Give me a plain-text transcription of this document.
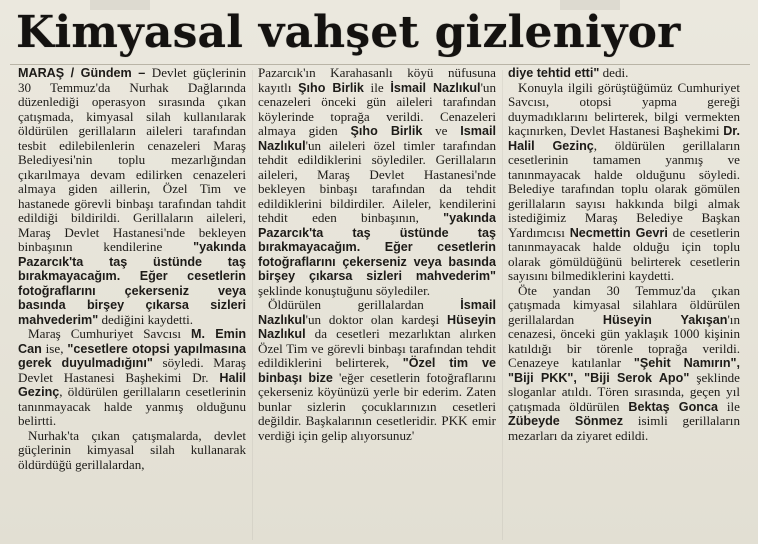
Kimyasal vahşet gizleniyor

MARAŞ / Gündem – Devlet güçlerinin 30 Temmuz'da Nurhak Dağlarında düzenlediği operasyon sırasında çıkan çatışmada, kimyasal silah kullanılarak öldürülen gerillaların aileleri tarafından tesbit edilebilenlerin cenazeleri Maraş Belediyesi'nin toplu mezarlığından çıkarılmaya devam edilirken cenazeleri almaya giden aillerin, Özel Tim ve hastanede görevli binbaşı tarafından tahdit edildiği bildirildi. Gerillaların aileleri, Maraş Devlet Hastanesi'nde bekleyen binbaşının kendilerine "yakında Pazarcık'ta taş üstünde taş bırakmayacağım. Eğer cesetlerin fotoğraflarını çekerseniz veya basında birşey çıkarsa sizleri mahvederim" dediğini kaydetti.

Maraş Cumhuriyet Savcısı M. Emin Can ise, "cesetlere otopsi yapılmasına gerek duyulmadığını" söyledi. Maraş Devlet Hastanesi Başhekimi Dr. Halil Gezinç, öldürülen gerillaların cesetlerinin tanınmayacak halde yanmış olduğunu belirtti.

Nurhak'ta çıkan çatışmalarda, devlet güçlerinin kimyasal silah kullanarak öldürdüğü gerillalardan,

Pazarcık'ın Karahasanlı köyü nüfusuna kayıtlı Şıho Birlik ile İsmail Nazlıkul'un cenazeleri önceki gün aileleri tarafından köylerinde toprağa verildi. Cenazeleri almaya giden Şıho Birlik ve Ismail Nazlıkul'un aileleri özel timler tarafından tehdit edildiklerini söylediler. Gerillaların aileleri, Maraş Devlet Hastanesi'nde bekleyen binbaşı tarafından da tehdit edildiklerini bildirdiler. Aileler, kendilerini tehdit eden binbaşının, "yakında Pazarcık'ta taş üstünde taş bırakmayacağım. Eğer cesetlerin fotoğraflarını çekerseniz veya basında birşey çıkarsa sizleri mahvederim" şeklinde konuştuğunu söylediler.

Öldürülen gerillalardan İsmail Nazlıkul'un doktor olan kardeşi Hüseyin Nazlıkul da cesetleri mezarlıktan alırken Özel Tim ve görevli binbaşı tarafından tehdit edildiklerini belirterek, "Özel tim ve binbaşı bize 'eğer cesetlerin fotoğraflarını çekerseniz köyünüzü yerle bir ederim. Zaten bunlar sizlerin çocuklarınızın cesetleri değildir. Başkalarının cesetleridir. PKK emir verdiği için gelip alıyorsunuz'

diye tehtid etti" dedi.

Konuyla ilgili görüştüğümüz Cumhuriyet Savcısı, otopsi yapma gereği duymadıklarını belirterek, bilgi vermekten kaçınırken, Devlet Hastanesi Başhekimi Dr. Halil Gezinç, öldürülen gerillaların cesetlerinin tamamen yanmış ve tanınmayacak halde olduğunu söyledi. Belediye tarafından toplu olarak gömülen gerillaların sayısı hakkında bilgi almak istediğimiz Maraş Belediye Başkan Yardımcısı Necmettin Gevri de cesetlerin tanınmayacak halde olduğu için toplu olarak gömüldüğünü belirterek cesetlerin sayısını bilmediklerini kaydetti.

Öte yandan 30 Temmuz'da çıkan çatışmada kimyasal silahlara öldürülen gerillalardan Hüseyin Yakışan'ın cenazesi, önceki gün yaklaşık 1000 kişinin katıldığı bir törenle toprağa verildi. Cenazeye katılanlar "Şehit Namırın", "Biji PKK", "Biji Serok Apo" şeklinde sloganlar atıldı. Tören sırasında, geçen yıl çatışmada öldürülen Bektaş Gonca ile Zübeyde Sönmez isimli gerillaların mezarları da ziyaret edildi.
